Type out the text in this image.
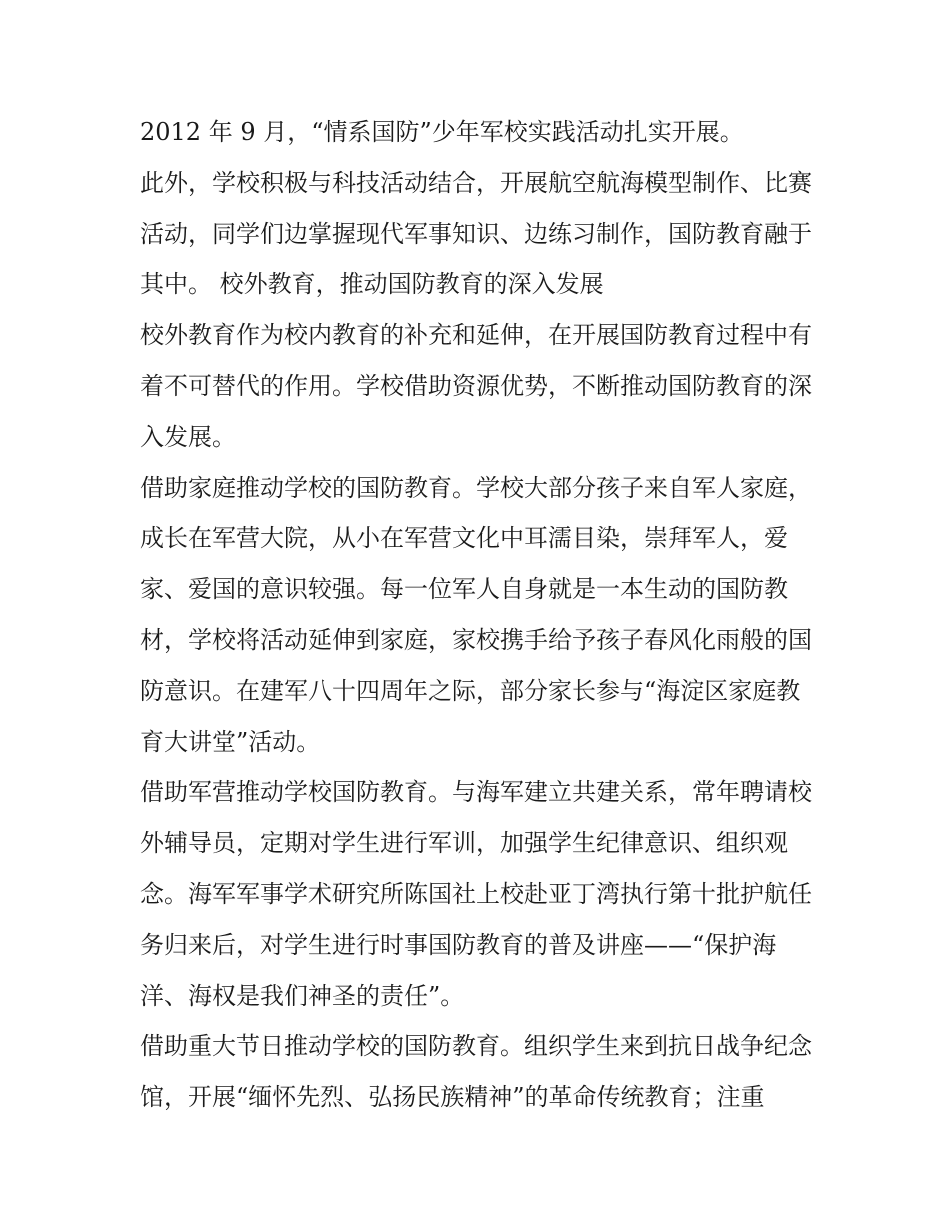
2012 年 9 月，“情系国防”少年军校实践活动扎实开展。

此外，学校积极与科技活动结合，开展航空航海模型制作、比赛活动，同学们边掌握现代军事知识、边练习制作，国防教育融于其中。 校外教育，推动国防教育的深入发展

校外教育作为校内教育的补充和延伸，在开展国防教育过程中有着不可替代的作用。学校借助资源优势，不断推动国防教育的深入发展。

借助家庭推动学校的国防教育。学校大部分孩子来自军人家庭，成长在军营大院，从小在军营文化中耳濡目染，崇拜军人，爱家、爱国的意识较强。每一位军人自身就是一本生动的国防教材，学校将活动延伸到家庭，家校携手给予孩子春风化雨般的国防意识。在建军八十四周年之际，部分家长参与“海淀区家庭教育大讲堂”活动。

借助军营推动学校国防教育。与海军建立共建关系，常年聘请校外辅导员，定期对学生进行军训，加强学生纪律意识、组织观念。海军军事学术研究所陈国社上校赴亚丁湾执行第十批护航任务归来后，对学生进行时事国防教育的普及讲座——“保护海洋、海权是我们神圣的责任”。

借助重大节日推动学校的国防教育。组织学生来到抗日战争纪念馆，开展“缅怀先烈、弘扬民族精神”的革命传统教育；注重
